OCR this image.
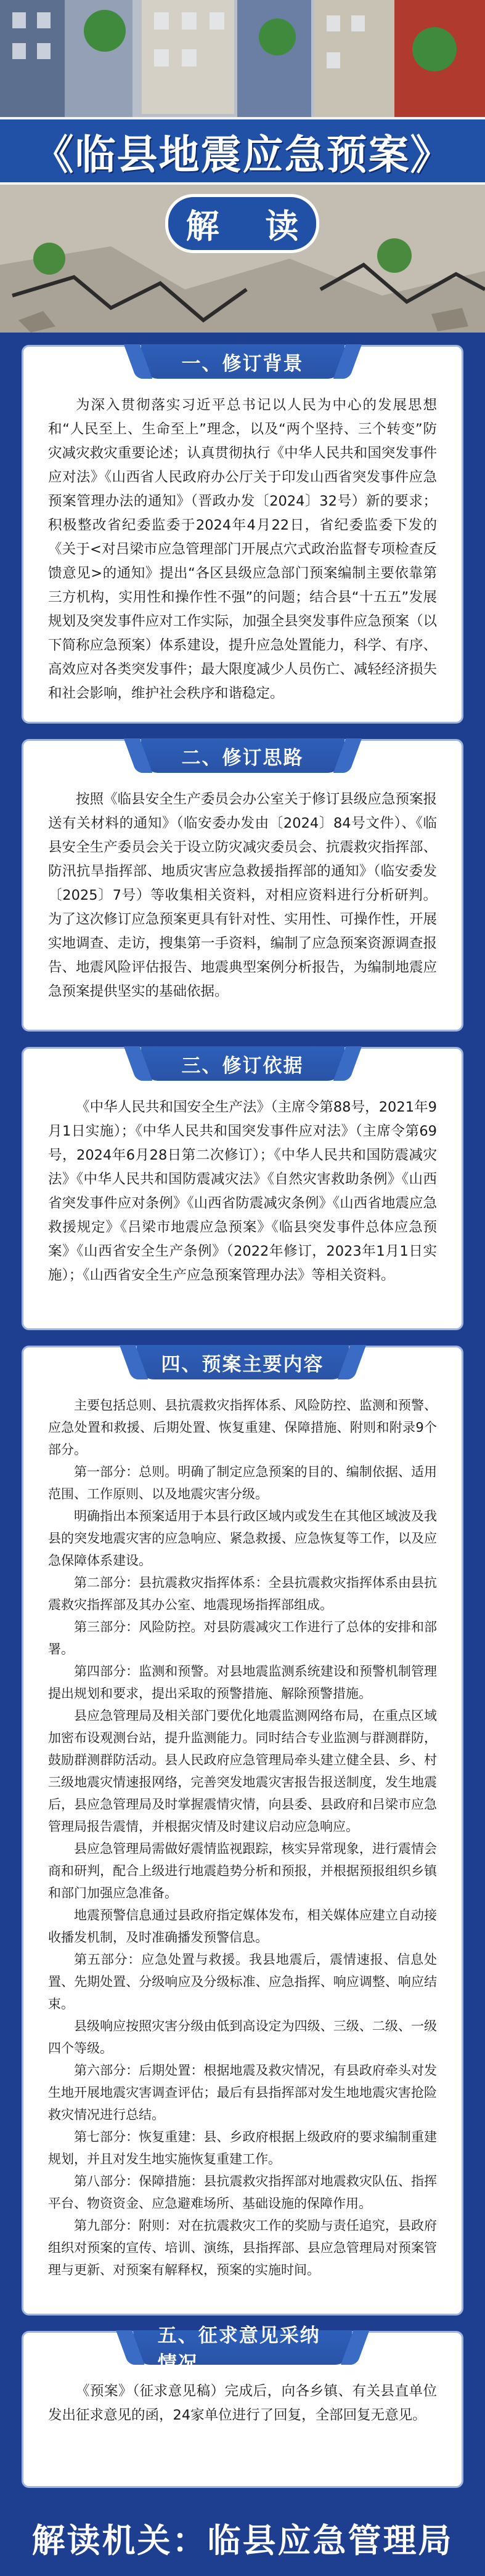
《临县地震应急预案》
解 读
一、修订背景

为深入贯彻落实习近平总书记以人民为中心的发展思想和“人民至上、生命至上”理念，以及“两个坚持、三个转变”防灾减灾救灾重要论述；认真贯彻执行《中华人民共和国突发事件应对法》《山西省人民政府办公厅关于印发山西省突发事件应急预案管理办法的通知》（晋政办发〔2024〕32号）新的要求；积极整改省纪委监委于2024年4月22日，省纪委监委下发的《关于<对吕梁市应急管理部门开展点穴式政治监督专项检查反馈意见>的通知》提出“各区县级应急部门预案编制主要依靠第三方机构，实用性和操作性不强”的问题；结合县“十五五”发展规划及突发事件应对工作实际，加强全县突发事件应急预案（以下简称应急预案）体系建设，提升应急处置能力，科学、有序、高效应对各类突发事件；最大限度减少人员伤亡、减轻经济损失和社会影响，维护社会秩序和谐稳定。

二、修订思路

按照《临县安全生产委员会办公室关于修订县级应急预案报送有关材料的通知》（临安委办发由〔2024〕84号文件）、《临县安全生产委员会关于设立防灾减灾委员会、抗震救灾指挥部、防汛抗旱指挥部、地质灾害应急救援指挥部的通知》（临安委发〔2025〕7号）等收集相关资料，对相应资料进行分析研判。为了这次修订应急预案更具有针对性、实用性、可操作性，开展实地调查、走访，搜集第一手资料，编制了应急预案资源调查报告、地震风险评估报告、地震典型案例分析报告，为编制地震应急预案提供坚实的基础依据。

三、修订依据

《中华人民共和国安全生产法》（主席令第88号，2021年9月1日实施）；《中华人民共和国突发事件应对法》（主席令第69号，2024年6月28日第二次修订）；《中华人民共和国防震减灾法》《中华人民共和国防震减灾法》《自然灾害救助条例》《山西省突发事件应对条例》《山西省防震减灾条例》《山西省地震应急救援规定》《吕梁市地震应急预案》《临县突发事件总体应急预案》《山西省安全生产条例》（2022年修订，2023年1月1日实施）；《山西省安全生产应急预案管理办法》等相关资料。

四、预案主要内容

主要包括总则、县抗震救灾指挥体系、风险防控、监测和预警、应急处置和救援、后期处置、恢复重建、保障措施、附则和附录9个部分。

第一部分：总则。明确了制定应急预案的目的、编制依据、适用范围、工作原则、以及地震灾害分级。

明确指出本预案适用于本县行政区域内或发生在其他区域波及我县的突发地震灾害的应急响应、紧急救援、应急恢复等工作，以及应急保障体系建设。

第二部分：县抗震救灾指挥体系：全县抗震救灾指挥体系由县抗震救灾指挥部及其办公室、地震现场指挥部组成。

第三部分：风险防控。对县防震减灾工作进行了总体的安排和部署。

第四部分：监测和预警。对县地震监测系统建设和预警机制管理提出规划和要求，提出采取的预警措施、解除预警措施。

县应急管理局及相关部门要优化地震监测网络布局，在重点区域加密布设观测台站，提升监测能力。同时结合专业监测与群测群防，鼓励群测群防活动。县人民政府应急管理局牵头建立健全县、乡、村三级地震灾情速报网络，完善突发地震灾害报告报送制度，发生地震后，县应急管理局及时掌握震情灾情，向县委、县政府和吕梁市应急管理局报告震情，并根据灾情及时建议启动应急响应。

县应急管理局需做好震情监视跟踪，核实异常现象，进行震情会商和研判，配合上级进行地震趋势分析和预报，并根据预报组织乡镇和部门加强应急准备。

地震预警信息通过县政府指定媒体发布，相关媒体应建立自动接收播发机制，及时准确播发预警信息。

第五部分：应急处置与救援。我县地震后，震情速报、信息处置、先期处置、分级响应及分级标准、应急指挥、响应调整、响应结束。

县级响应按照灾害分级由低到高设定为四级、三级、二级、一级四个等级。

第六部分：后期处置：根据地震及救灾情况，有县政府牵头对发生地开展地震灾害调查评估；最后有县指挥部对发生地地震灾害抢险救灾情况进行总结。

第七部分：恢复重建：县、乡政府根据上级政府的要求编制重建规划，并且对发生地实施恢复重建工作。

第八部分：保障措施：县抗震救灾指挥部对地震救灾队伍、指挥平台、物资资金、应急避难场所、基础设施的保障作用。

第九部分：附则：对在抗震救灾工作的奖励与责任追究，县政府组织对预案的宣传、培训、演练，县指挥部、县应急管理局对预案管理与更新、对预案有解释权，预案的实施时间。

五、征求意见采纳情况

《预案》（征求意见稿）完成后，向各乡镇、有关县直单位发出征求意见的函，24家单位进行了回复，全部回复无意见。

解读机关：临县应急管理局
